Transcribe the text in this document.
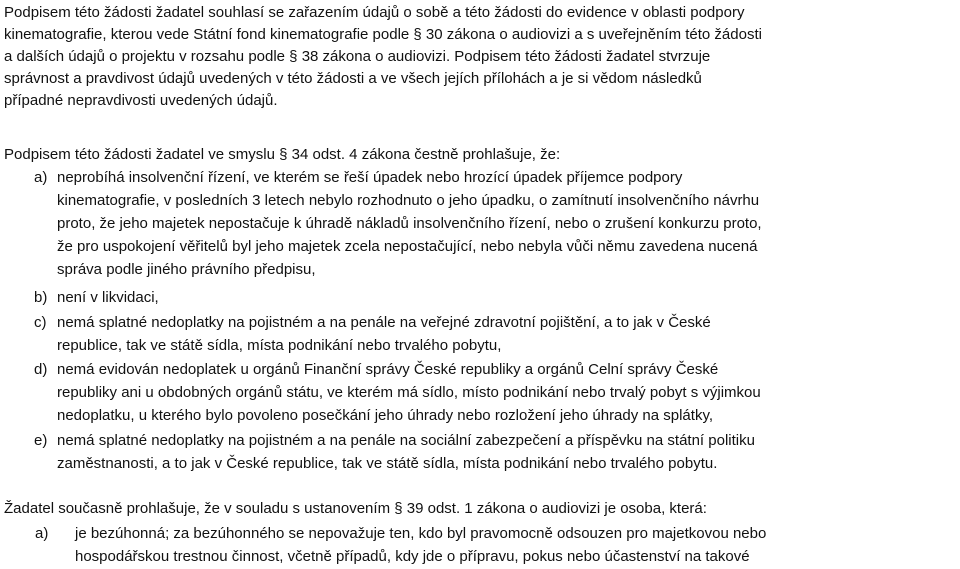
Podpisem této žádosti žadatel souhlasí se zařazením údajů o sobě a této žádosti do evidence v oblasti podpory
kinematografie, kterou vede Státní fond kinematografie podle § 30 zákona o audiovizi a s uveřejněním této žádosti
a dalších údajů o projektu v rozsahu podle § 38 zákona o audiovizi. Podpisem této žádosti žadatel stvrzuje
správnost a pravdivost údajů uvedených v této žádosti a ve všech jejích přílohách a je si vědom následků
případné nepravdivosti uvedených údajů.
Podpisem této žádosti žadatel ve smyslu § 34 odst. 4 zákona čestně prohlašuje, že:
a) neprobíhá insolvenční řízení, ve kterém se řeší úpadek nebo hrozící úpadek příjemce podpory
kinematografie, v posledních 3 letech nebylo rozhodnuto o jeho úpadku, o zamítnutí insolvenčního návrhu
proto, že jeho majetek nepostačuje k úhradě nákladů insolvenčního řízení, nebo o zrušení konkurzu proto,
že pro uspokojení věřitelů byl jeho majetek zcela nepostačující, nebo nebyla vůči němu zavedena nucená
správa podle jiného právního předpisu,
b) není v likvidaci,
c) nemá splatné nedoplatky na pojistném a na penále na veřejné zdravotní pojištění, a to jak v České
republice, tak ve státě sídla, místa podnikání nebo trvalého pobytu,
d) nemá evidován nedoplatek u orgánů Finanční správy České republiky a orgánů Celní správy České
republiky ani u obdobných orgánů státu, ve kterém má sídlo, místo podnikání nebo trvalý pobyt s výjimkou
nedoplatku, u kterého bylo povoleno posečkání jeho úhrady nebo rozložení jeho úhrady na splátky,
e) nemá splatné nedoplatky na pojistném a na penále na sociální zabezpečení a příspěvku na státní politiku
zaměstnanosti, a to jak v České republice, tak ve státě sídla, místa podnikání nebo trvalého pobytu.
Žadatel současně prohlašuje, že v souladu s ustanovením § 39 odst. 1 zákona o audiovizi je osoba, která:
a) je bezúhonná; za bezúhonného se nepovažuje ten, kdo byl pravomocně odsouzen pro majetkovou nebo
hospodářskou trestnou činnost, včetně případů, kdy jde o přípravu, pokus nebo účastenství na takové
